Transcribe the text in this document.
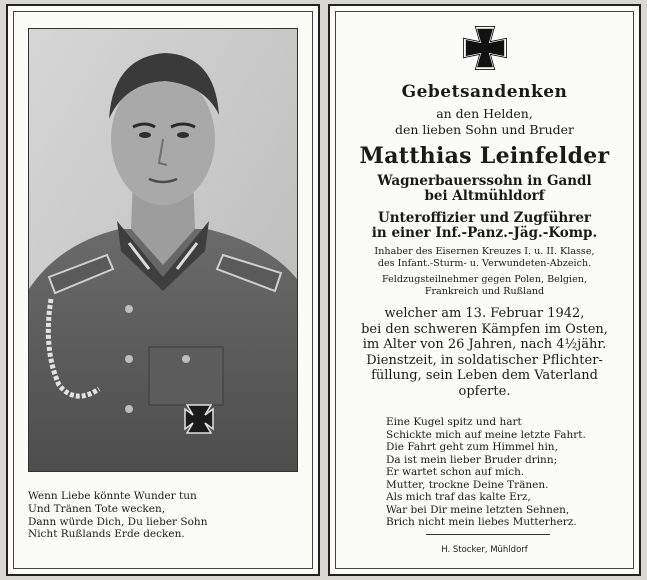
Wenn Liebe könnte Wunder tun
Und Tränen Tote wecken,
Dann würde Dich, Du lieber Sohn
Nicht Rußlands Erde decken.
Gebetsandenken
an den Helden,
den lieben Sohn und Bruder
Matthias Leinfelder
Wagnerbauerssohn in Gandl
bei Altmühldorf
Unteroffizier und Zugführer
in einer Inf.-Panz.-Jäg.-Komp.
Inhaber des Eisernen Kreuzes I. u. II. Klasse,
des Infant.-Sturm- u. Verwundeten-Abzeich.
Feldzugsteilnehmer gegen Polen, Belgien,
Frankreich und Rußland
welcher am 13. Februar 1942,
bei den schweren Kämpfen im Osten,
im Alter von 26 Jahren, nach 4½jähr.
Dienstzeit, in soldatischer Pflichter-
füllung, sein Leben dem Vaterland
opferte.
Eine Kugel spitz und hart
Schickte mich auf meine letzte Fahrt.
Die Fahrt geht zum Himmel hin,
Da ist mein lieber Bruder drinn;
Er wartet schon auf mich.
Mutter, trockne Deine Tränen.
Als mich traf das kalte Erz,
War bei Dir meine letzten Sehnen,
Brich nicht mein liebes Mutterherz.
H. Stocker, Mühldorf
